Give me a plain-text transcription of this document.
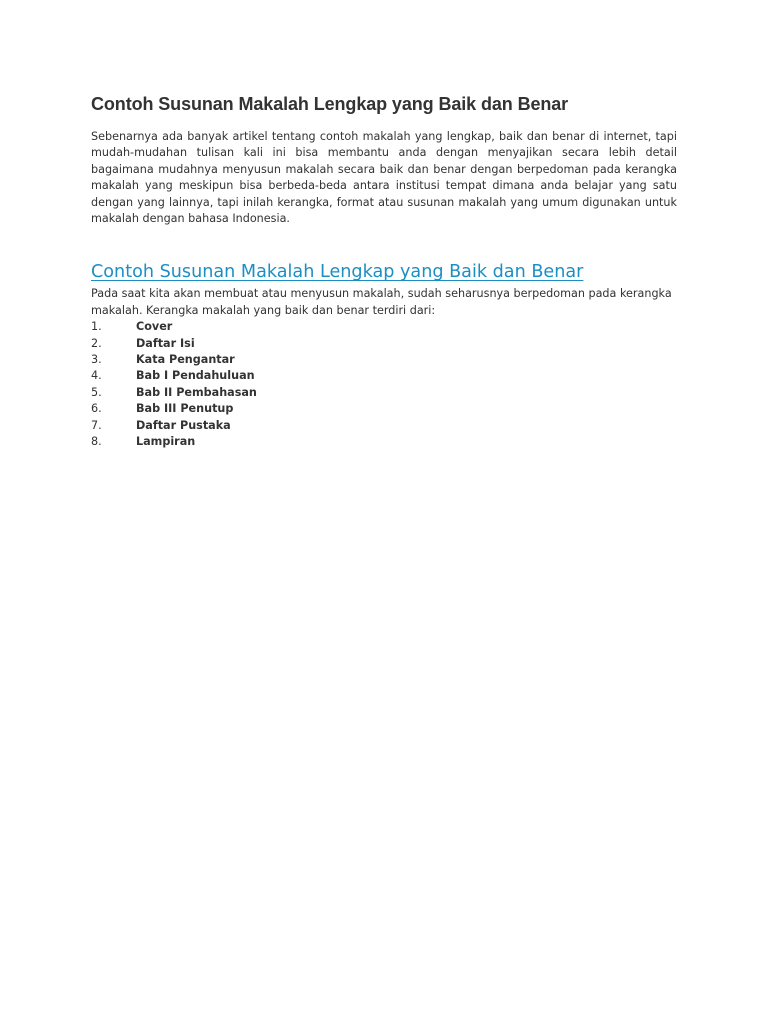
Contoh Susunan Makalah Lengkap yang Baik dan Benar

Sebenarnya ada banyak artikel tentang contoh makalah yang lengkap, baik dan benar di internet, tapi mudah-mudahan tulisan kali ini bisa membantu anda dengan menyajikan secara lebih detail bagaimana mudahnya menyusun makalah secara baik dan benar dengan berpedoman pada kerangka makalah yang meskipun bisa berbeda-beda antara institusi tempat dimana anda belajar yang satu dengan yang lainnya, tapi inilah kerangka, format atau susunan makalah yang umum digunakan untuk makalah dengan bahasa Indonesia.

Contoh Susunan Makalah Lengkap yang Baik dan Benar

Pada saat kita akan membuat atau menyusun makalah, sudah seharusnya berpedoman pada kerangka makalah. Kerangka makalah yang baik dan benar terdiri dari:

1.	Cover
2.	Daftar Isi
3.	Kata Pengantar
4.	Bab I Pendahuluan
5.	Bab II Pembahasan
6.	Bab III Penutup
7.	Daftar Pustaka
8.	Lampiran
